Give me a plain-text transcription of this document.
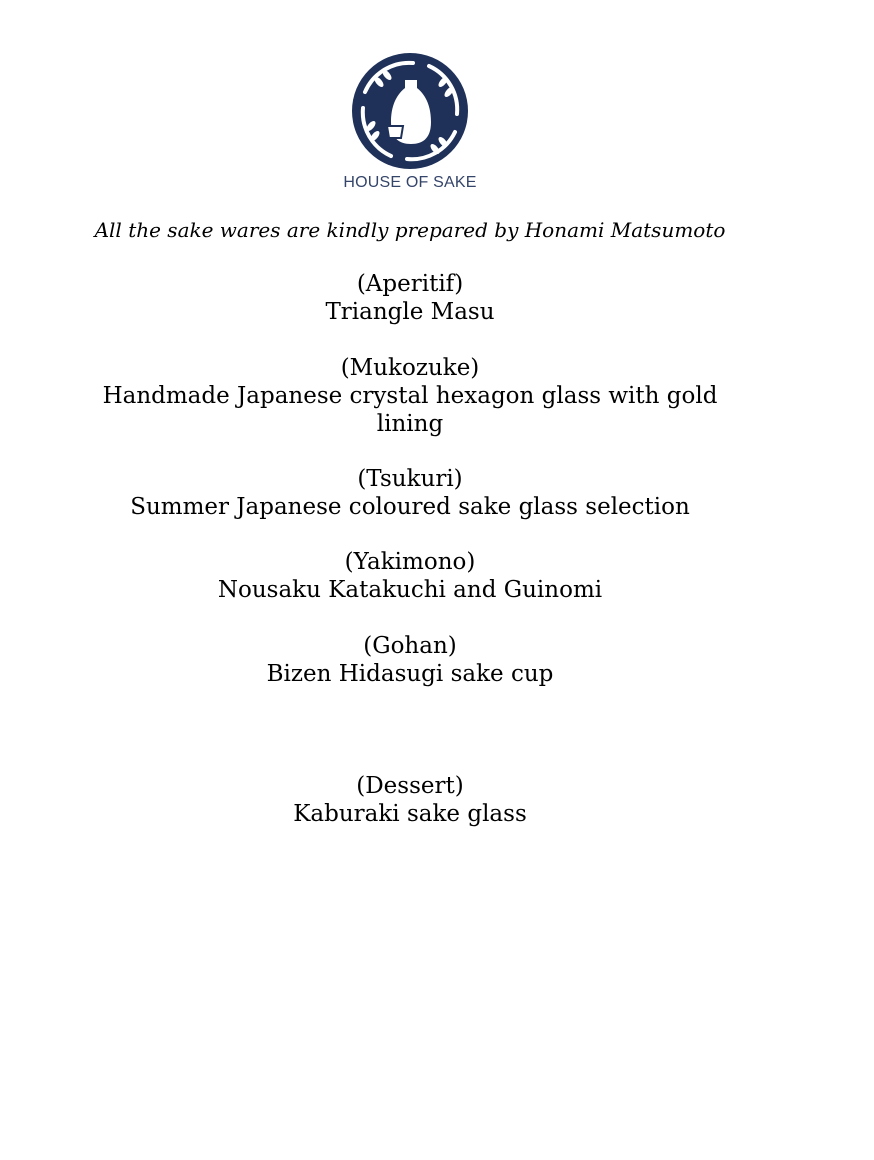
HOUSE OF SAKE
All the sake wares are kindly prepared by Honami Matsumoto
(Aperitif)
Triangle Masu
(Mukozuke)
Handmade Japanese crystal hexagon glass with gold lining
(Tsukuri)
Summer Japanese coloured sake glass selection
(Yakimono)
Nousaku Katakuchi and Guinomi
(Gohan)
Bizen Hidasugi sake cup
(Dessert)
Kaburaki sake glass
